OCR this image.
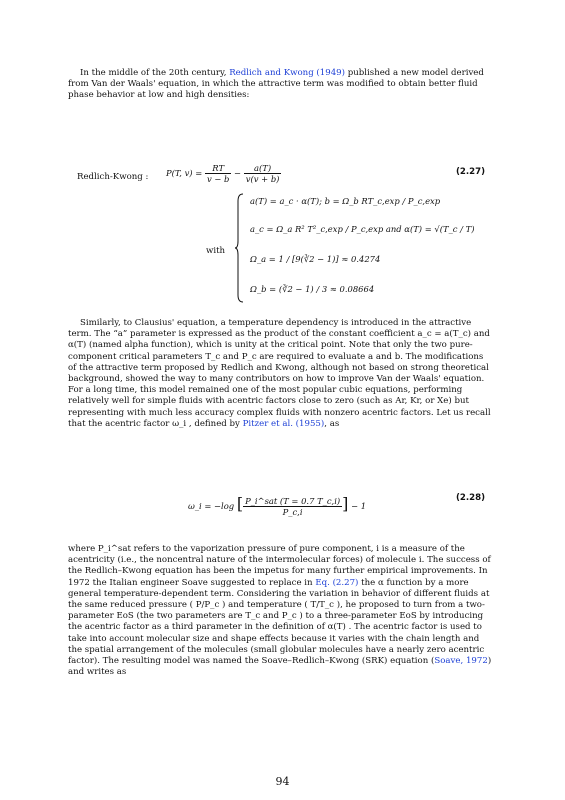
In the middle of the 20th century, Redlich and Kwong (1949) published a new model derived from Van der Waals' equation, in which the attractive term was modified to obtain better fluid phase behavior at low and high densities:
Redlich-Kwong : P(T, $v) = \frac{RT}{v - b} - \frac{a(T)}{v(v + b)}$	(2.27)
with
a(T) = a_c · α(T); b = Ω_b RT_c,exp / P_c,exp
a_c = Ω_a R² T²_c,exp / P_c,exp and α(T) = √(T_c / T)
Ω_a = 1 / [9(∛2 − 1)] ≈ 0.4274
Ω_b = (∛2 − 1) / 3 ≈ 0.08664
Similarly, to Clausius' equation, a temperature dependency is introduced in the attractive term. The “a” parameter is expressed as the product of the constant coefficient a_c = a(T_c) and α(T) (named alpha function), which is unity at the critical point. Note that only the two pure-component critical parameters T_c and P_c are required to evaluate a and b. The modifications of the attractive term proposed by Redlich and Kwong, although not based on strong theoretical background, showed the way to many contributors on how to improve Van der Waals' equation. For a long time, this model remained one of the most popular cubic equations, performing relatively well for simple fluids with acentric factors close to zero (such as Ar, Kr, or Xe) but representing with much less accuracy complex fluids with nonzero acentric factors. Let us recall that the acentric factor ω_i , defined by Pitzer et al. (1955), as
ω_i = −log [ $\frac{\text{P\_i\textasciicircum{}sat (T = 0.7 T\_c,i)}}{P\_c,i}$ ] − 1
(2.28)
where P_i^sat refers to the vaporization pressure of pure component, i is a measure of the acentricity (i.e., the noncentral nature of the intermolecular forces) of molecule i. The success of the Redlich–Kwong equation has been the impetus for many further empirical improvements. In 1972 the Italian engineer Soave suggested to replace in Eq. (2.27) the α function by a more general temperature-dependent term. Considering the variation in behavior of different fluids at the same reduced pressure ( P/P_c ) and temperature ( T/T_c ), he proposed to turn from a two-parameter EoS (the two parameters are T_c and P_c ) to a three-parameter EoS by introducing the acentric factor as a third parameter in the definition of α(T) . The acentric factor is used to take into account molecular size and shape effects because it varies with the chain length and the spatial arrangement of the molecules (small globular molecules have a nearly zero acentric factor). The resulting model was named the Soave–Redlich–Kwong (SRK) equation (Soave, 1972) and writes as
94
